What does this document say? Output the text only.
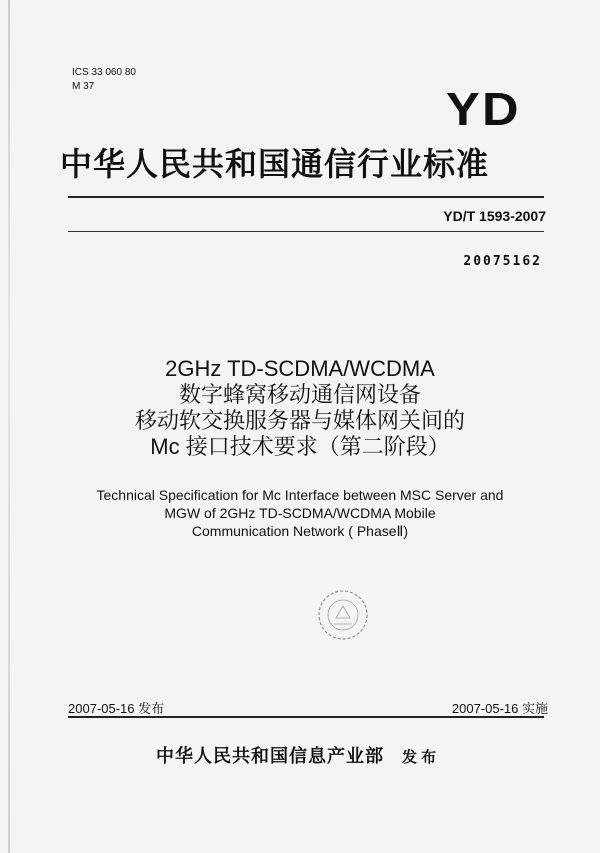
ICS 33 060 80
M 37	YD
中华人民共和国通信行业标准
YD/T 1593-2007
20075162
2GHz TD-SCDMA/WCDMA
数字蜂窝移动通信网设备
移动软交换服务器与媒体网关间的
Mc 接口技术要求（第二阶段）
Technical Specification for Mc Interface between MSC Server and
MGW of 2GHz TD-SCDMA/WCDMA Mobile
Communication Network ( PhaseⅡ)
2007-05-16 发布	2007-05-16 实施
中华人民共和国信息产业部 发 布
